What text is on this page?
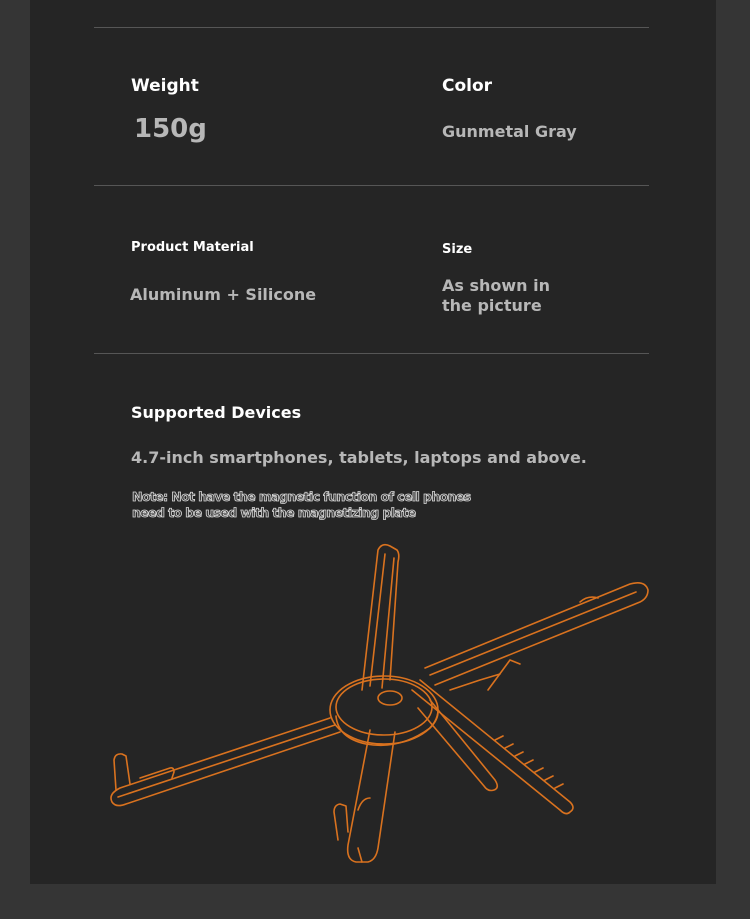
Weight
150g
Color
Gunmetal Gray
Product Material
Aluminum + Silicone
Size
As shown in
the picture
Supported Devices
4.7-inch smartphones, tablets, laptops and above.
Note: Not have the magnetic function of cell phones
need to be used with the magnetizing plate
